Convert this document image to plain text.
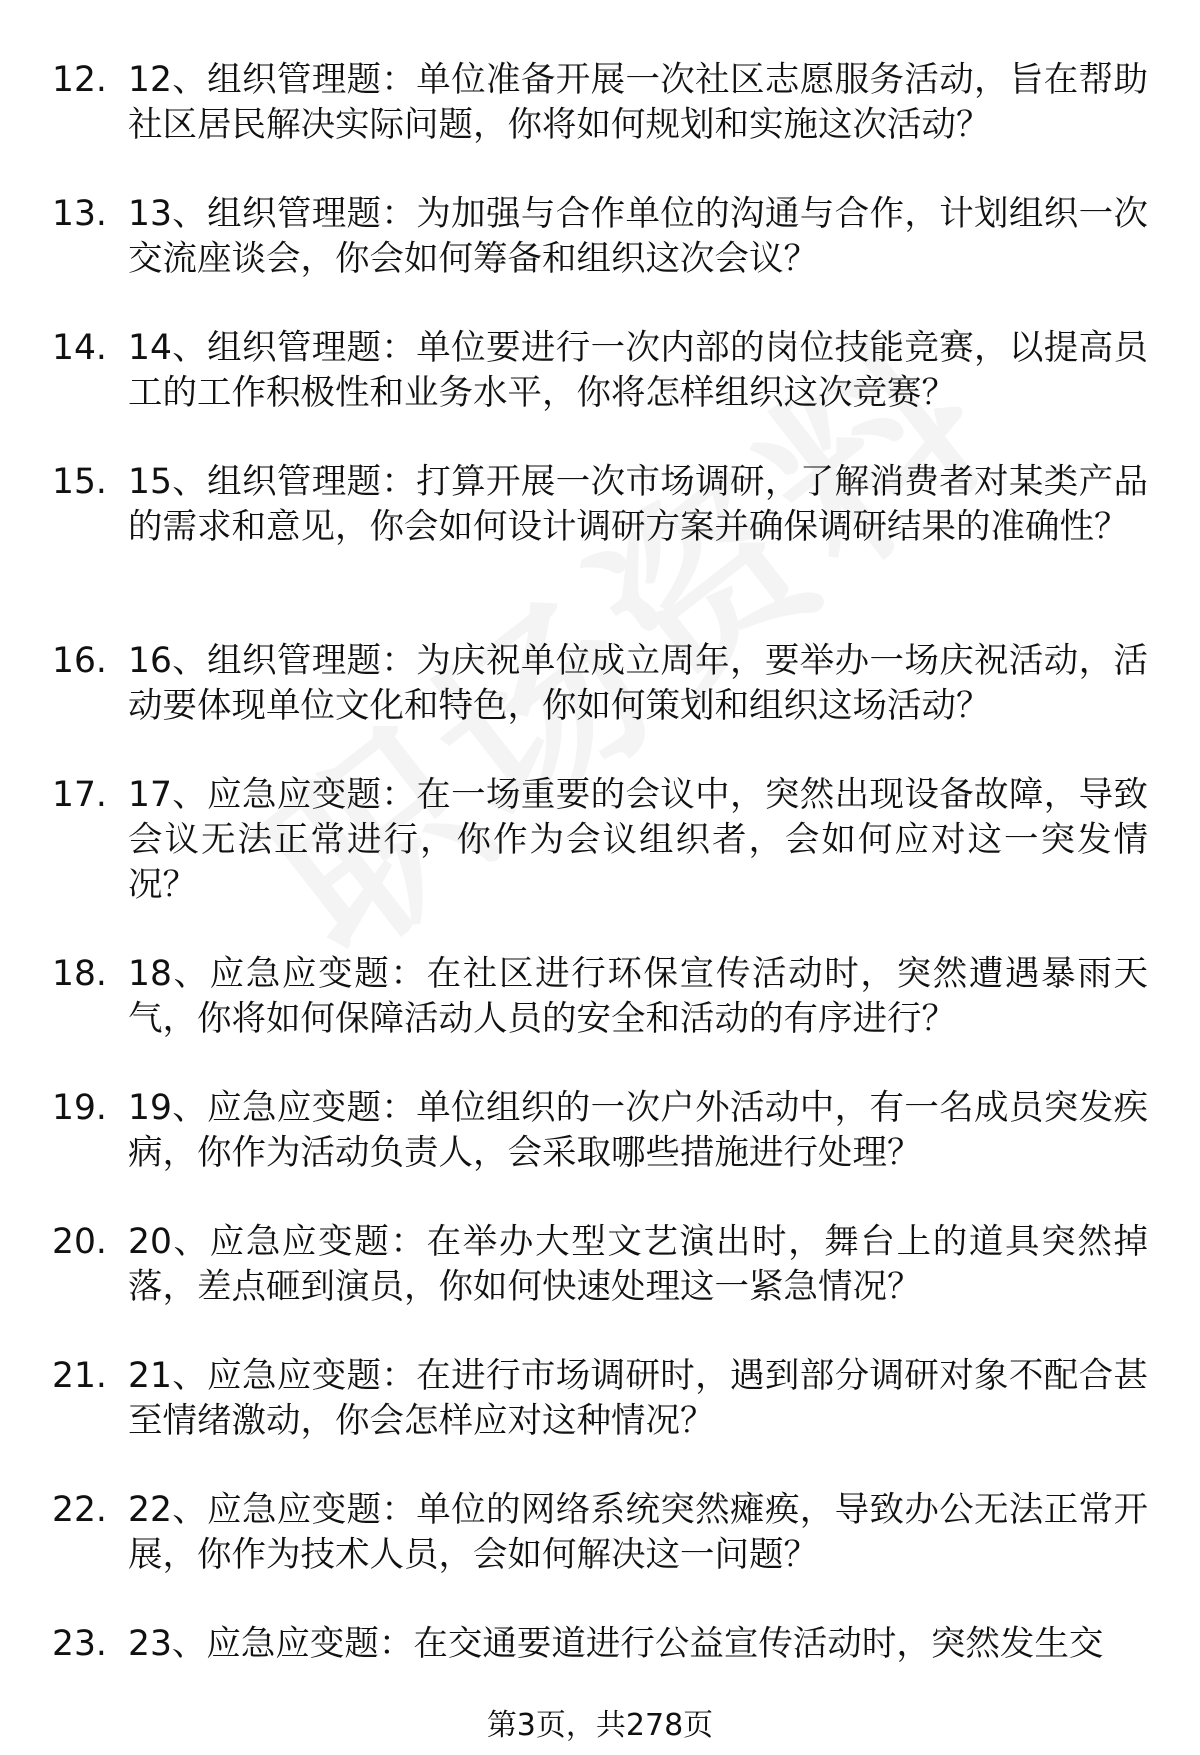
12. 12、组织管理题：单位准备开展一次社区志愿服务活动，旨在帮助社区居民解决实际问题，你将如何规划和实施这次活动？
13. 13、组织管理题：为加强与合作单位的沟通与合作，计划组织一次交流座谈会，你会如何筹备和组织这次会议？
14. 14、组织管理题：单位要进行一次内部的岗位技能竞赛，以提高员工的工作积极性和业务水平，你将怎样组织这次竞赛？
15. 15、组织管理题：打算开展一次市场调研，了解消费者对某类产品的需求和意见，你会如何设计调研方案并确保调研结果的准确性？
16. 16、组织管理题：为庆祝单位成立周年，要举办一场庆祝活动，活动要体现单位文化和特色，你如何策划和组织这场活动？
17. 17、应急应变题：在一场重要的会议中，突然出现设备故障，导致会议无法正常进行，你作为会议组织者，会如何应对这一突发情况？
18. 18、应急应变题：在社区进行环保宣传活动时，突然遭遇暴雨天气，你将如何保障活动人员的安全和活动的有序进行？
19. 19、应急应变题：单位组织的一次户外活动中，有一名成员突发疾病，你作为活动负责人，会采取哪些措施进行处理？
20. 20、应急应变题：在举办大型文艺演出时，舞台上的道具突然掉落，差点砸到演员，你如何快速处理这一紧急情况？
21. 21、应急应变题：在进行市场调研时，遇到部分调研对象不配合甚至情绪激动，你会怎样应对这种情况？
22. 22、应急应变题：单位的网络系统突然瘫痪，导致办公无法正常开展，你作为技术人员，会如何解决这一问题？
23. 23、应急应变题：在交通要道进行公益宣传活动时，突然发生交
第3页，共278页
